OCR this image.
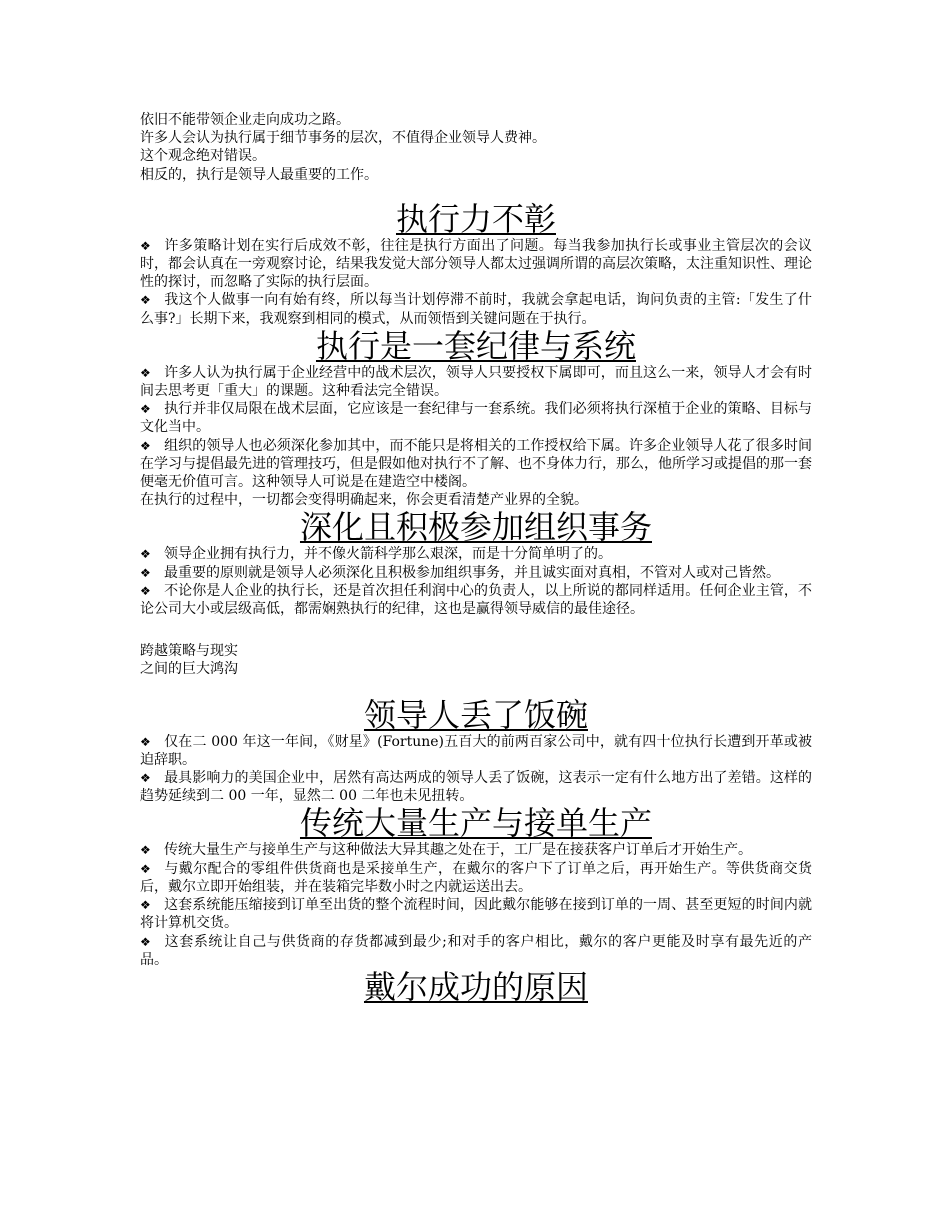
依旧不能带领企业走向成功之路。

许多人会认为执行属于细节事务的层次，不值得企业领导人费神。

这个观念绝对错误。

相反的，执行是领导人最重要的工作。

执行力不彰

❖ 许多策略计划在实行后成效不彰，往往是执行方面出了问题。每当我参加执行长或事业主管层次的会议时，都会认真在一旁观察讨论，结果我发觉大部分领导人都太过强调所谓的高层次策略，太注重知识性、理论性的探讨，而忽略了实际的执行层面。

❖ 我这个人做事一向有始有终，所以每当计划停滞不前时，我就会拿起电话，询问负责的主管:「发生了什么事?」长期下来，我观察到相同的模式，从而领悟到关键问题在于执行。

执行是一套纪律与系统

❖ 许多人认为执行属于企业经营中的战术层次，领导人只要授权下属即可，而且这么一来，领导人才会有时间去思考更「重大」的课题。这种看法完全错误。

❖ 执行并非仅局限在战术层面，它应该是一套纪律与一套系统。我们必须将执行深植于企业的策略、目标与文化当中。

❖ 组织的领导人也必须深化参加其中，而不能只是将相关的工作授权给下属。许多企业领导人花了很多时间在学习与提倡最先进的管理技巧，但是假如他对执行不了解、也不身体力行，那么，他所学习或提倡的那一套便毫无价值可言。这种领导人可说是在建造空中楼阁。

在执行的过程中，一切都会变得明确起来，你会更看清楚产业界的全貌。

深化且积极参加组织事务

❖ 领导企业拥有执行力，并不像火箭科学那么艰深，而是十分简单明了的。

❖ 最重要的原则就是领导人必须深化且积极参加组织事务，并且诚实面对真相，不管对人或对己皆然。

❖ 不论你是人企业的执行长，还是首次担任利润中心的负责人，以上所说的都同样适用。任何企业主管，不论公司大小或层级高低，都需娴熟执行的纪律，这也是赢得领导威信的最佳途径。

跨越策略与现实

之间的巨大鸿沟

领导人丢了饭碗

❖ 仅在二 000 年这一年间，《财星》(Fortune)五百大的前两百家公司中，就有四十位执行长遭到开革或被迫辞职。

❖ 最具影响力的美国企业中，居然有高达两成的领导人丢了饭碗，这表示一定有什么地方出了差错。这样的趋势延续到二 00 一年，显然二 00 二年也未见扭转。

传统大量生产与接单生产

❖ 传统大量生产与接单生产与这种做法大异其趣之处在于，工厂是在接获客户订单后才开始生产。

❖ 与戴尔配合的零组件供货商也是采接单生产，在戴尔的客户下了订单之后，再开始生产。等供货商交货后，戴尔立即开始组装，并在装箱完毕数小时之内就运送出去。

❖ 这套系统能压缩接到订单至出货的整个流程时间，因此戴尔能够在接到订单的一周、甚至更短的时间内就将计算机交货。

❖ 这套系统让自己与供货商的存货都减到最少;和对手的客户相比，戴尔的客户更能及时享有最先近的产品。

戴尔成功的原因
